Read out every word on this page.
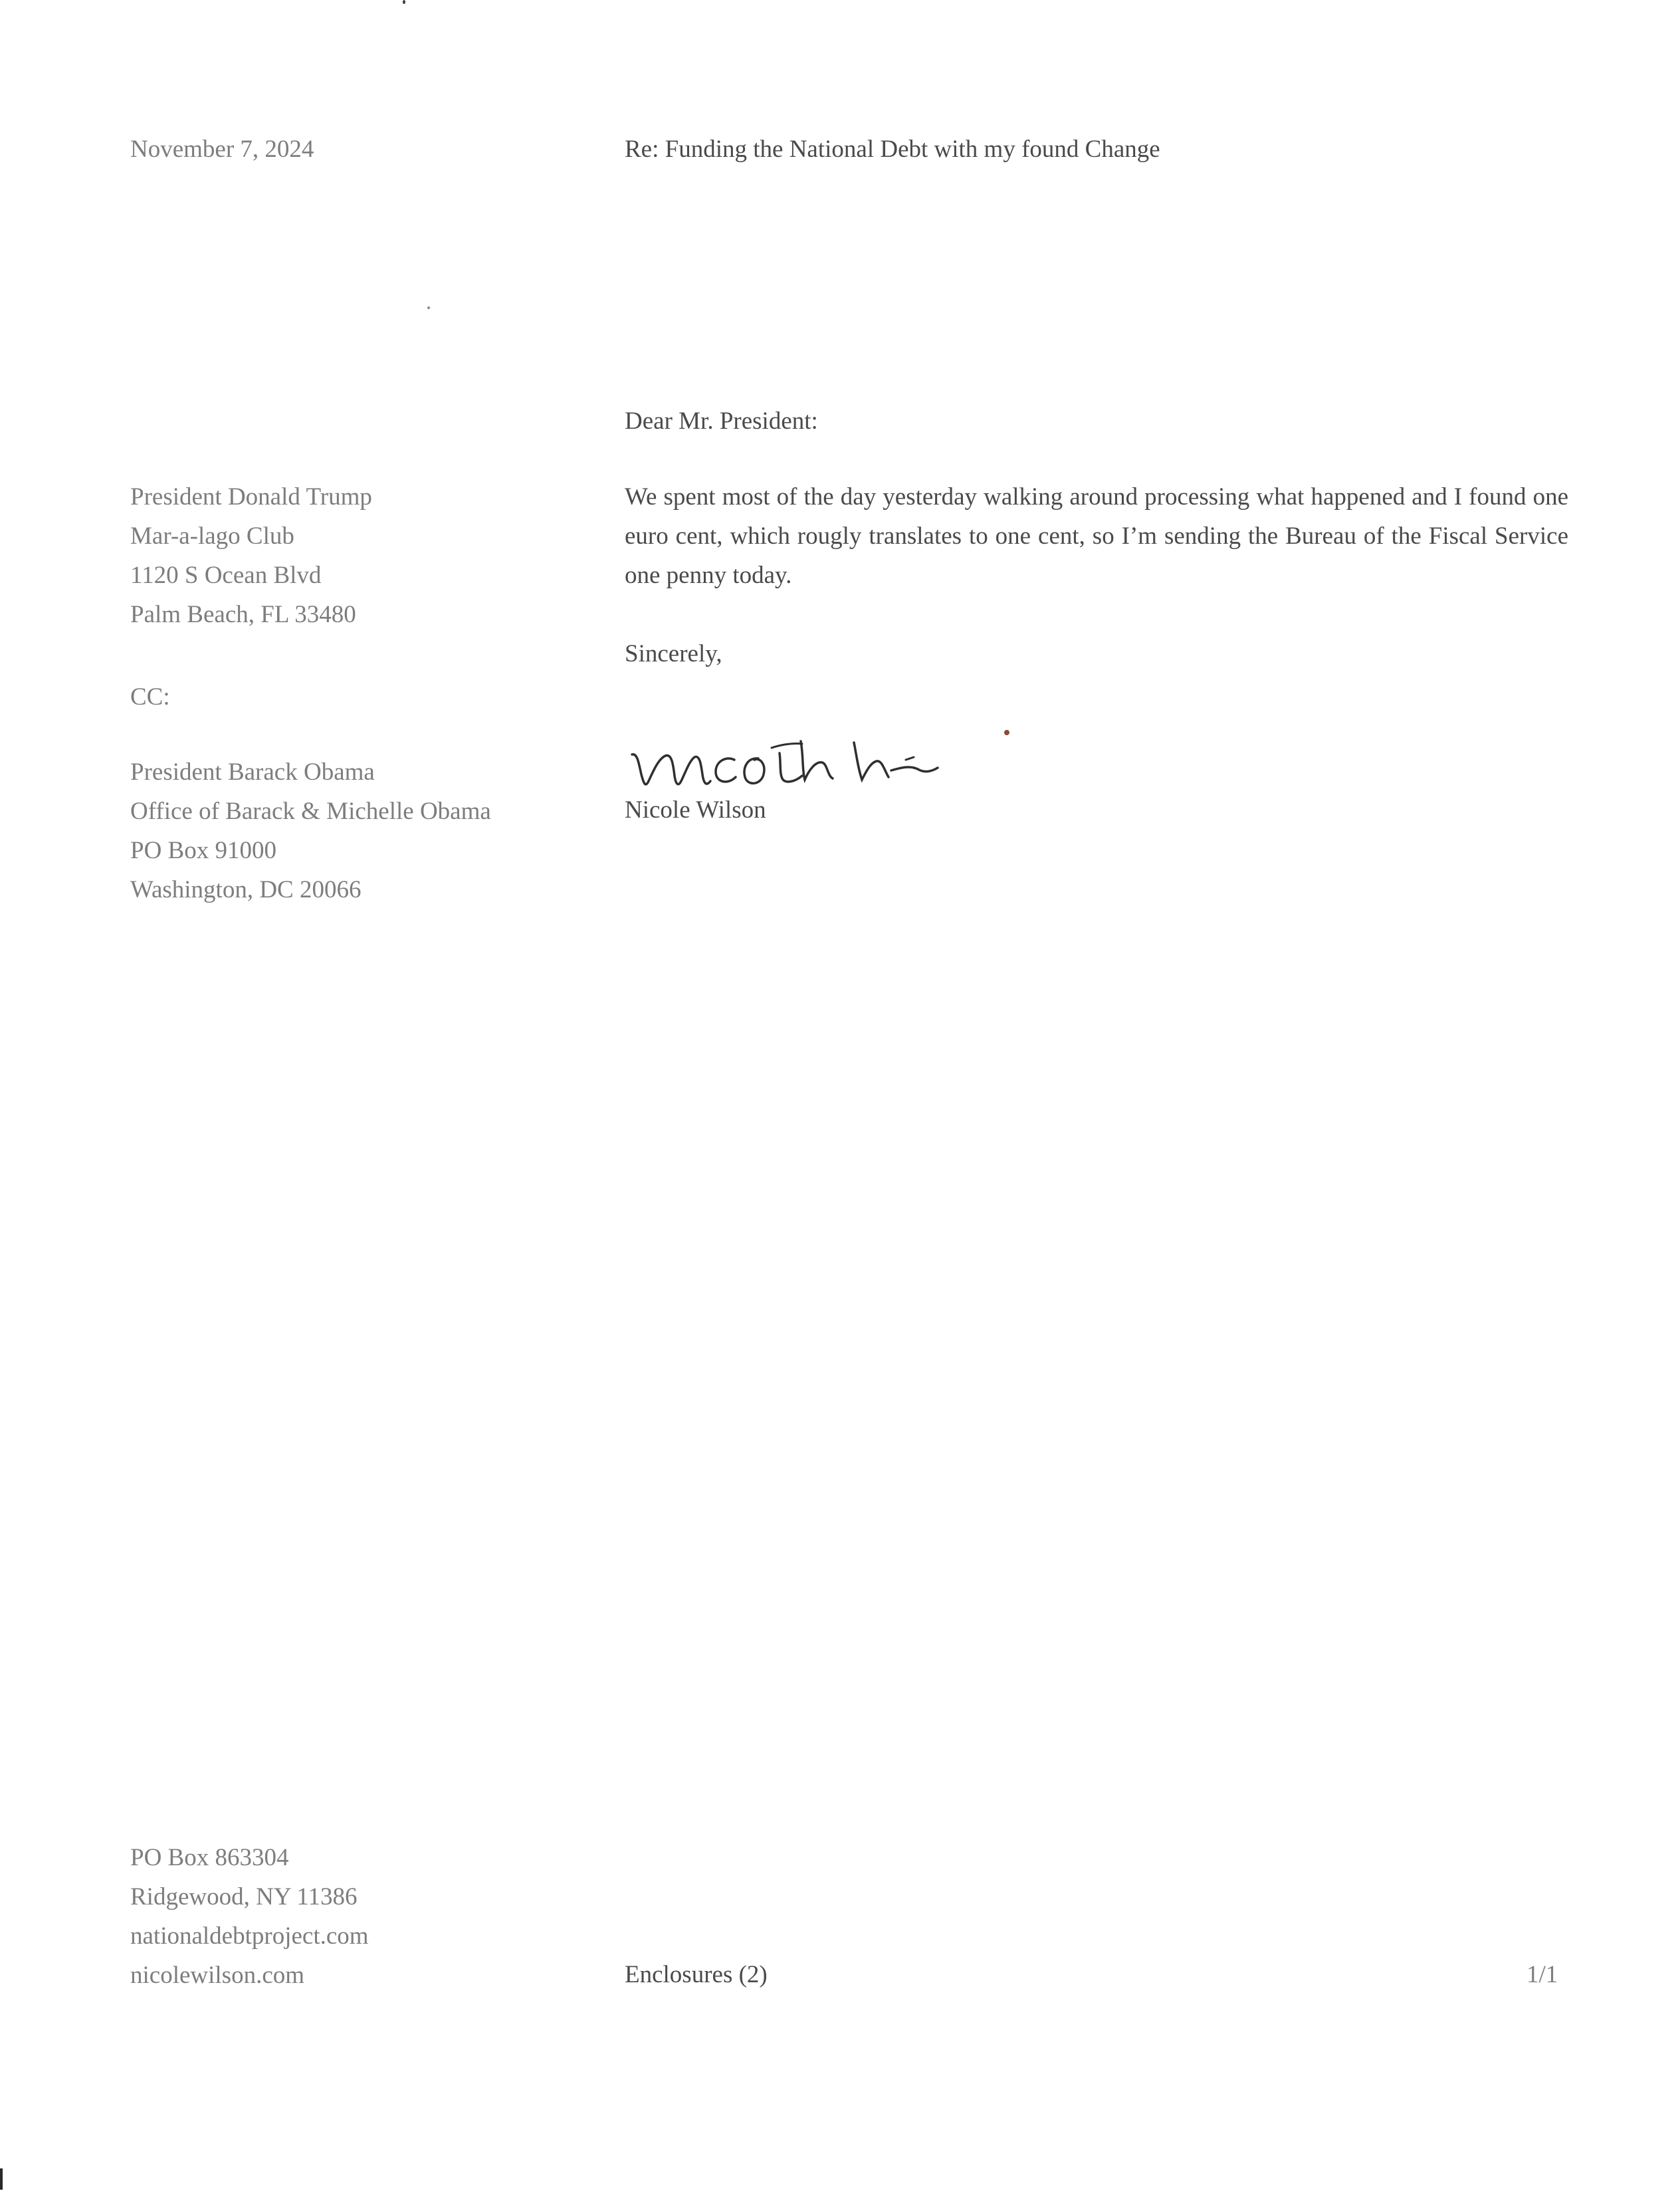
November 7, 2024	Re: Funding the National Debt with my found Change
Dear Mr. President:
President Donald Trump
Mar-a-lago Club
1120 S Ocean Blvd
Palm Beach, FL 33480
We spent most of the day yesterday walking around processing what happened and I found one euro cent, which rougly translates to one cent, so I’m sending the Bureau of the Fiscal Service one penny today.
Sincerely,
CC:
President Barack Obama
Office of Barack & Michelle Obama
PO Box 91000
Washington, DC 20066
Nicole Wilson
PO Box 863304
Ridgewood, NY 11386
nationaldebtproject.com
nicolewilson.com	Enclosures (2)	1/1
